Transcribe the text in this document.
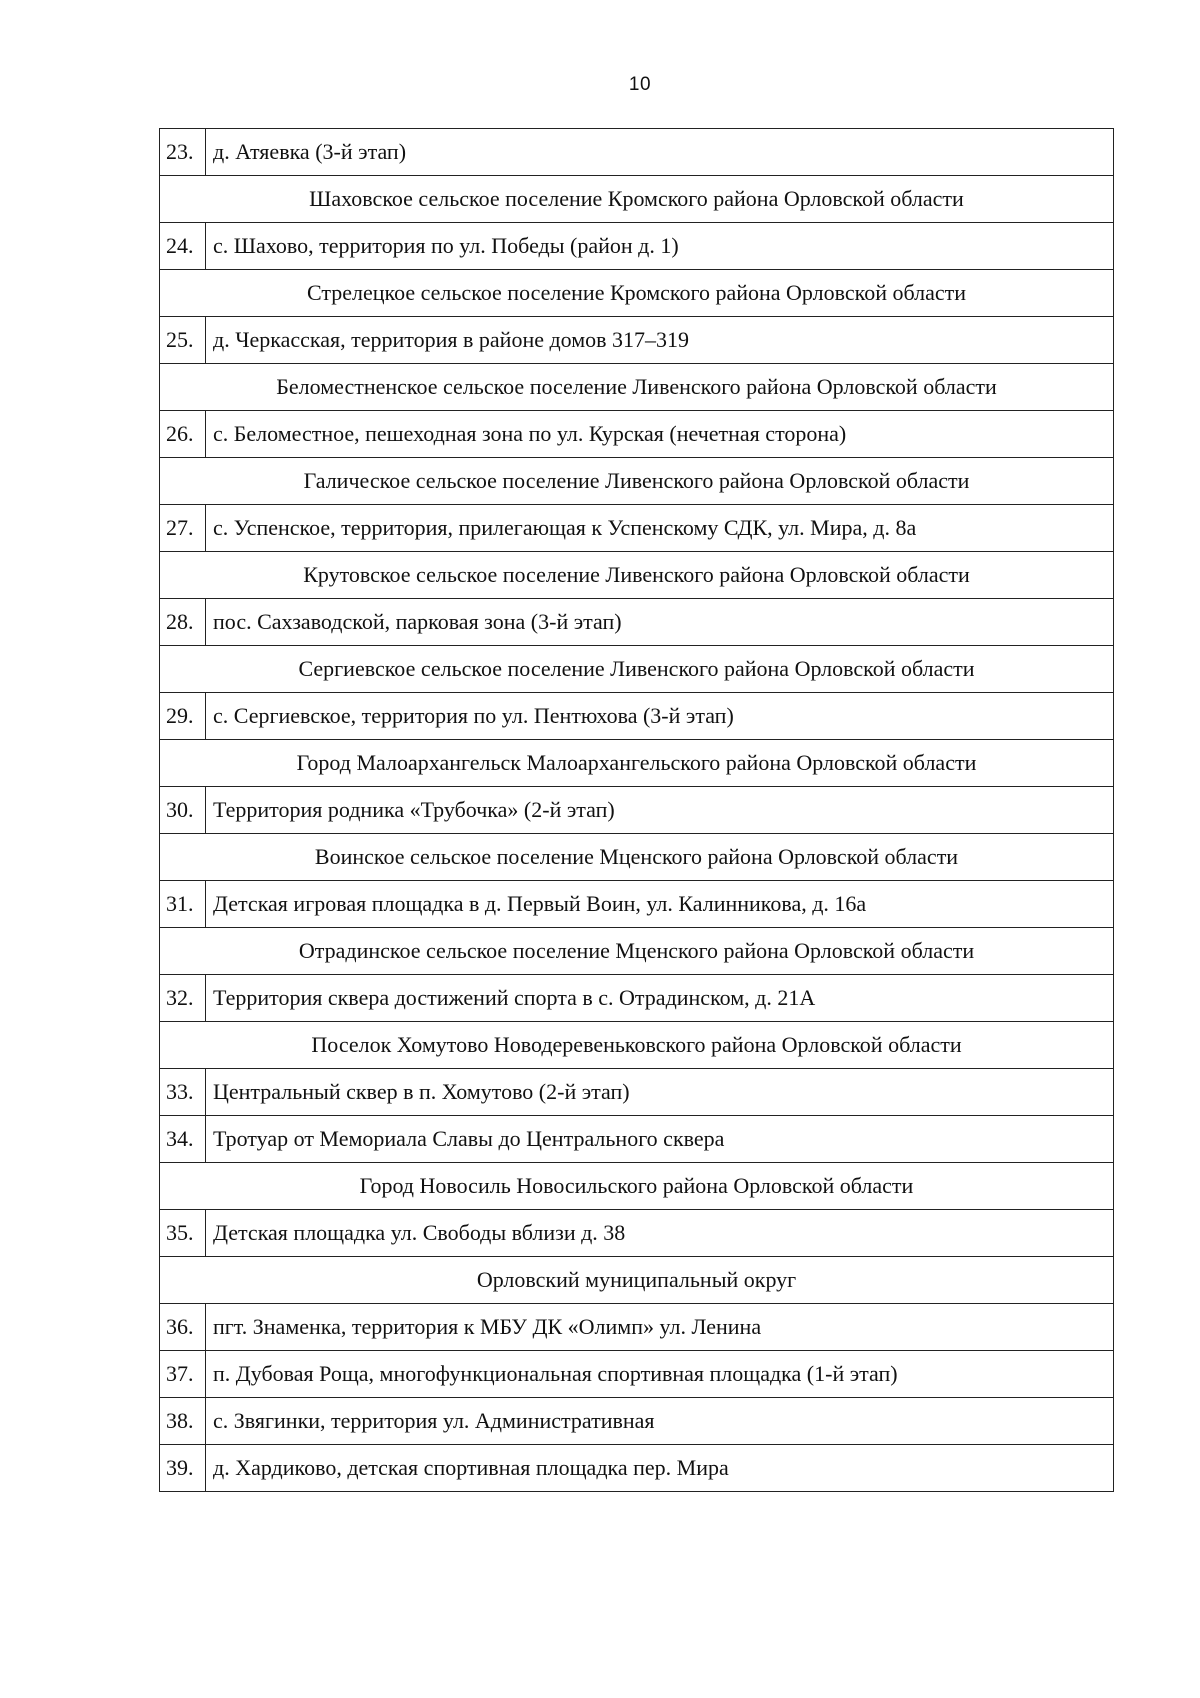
10
23.	д. Атяевка (3-й этап)
Шаховское сельское поселение Кромского района Орловской области	
24.	с. Шахово, территория по ул. Победы (район д. 1)
Стрелецкое сельское поселение Кромского района Орловской области	
25.	д. Черкасская, территория в районе домов 317–319
Беломестненское сельское поселение Ливенского района Орловской области	
26.	с. Беломестное, пешеходная зона по ул. Курская (нечетная сторона)
Галическое сельское поселение Ливенского района Орловской области	
27.	с. Успенское, территория, прилегающая к Успенскому СДК, ул. Мира, д. 8а
Крутовское сельское поселение Ливенского района Орловской области	
28.	пос. Сахзаводской, парковая зона (3-й этап)
Сергиевское сельское поселение Ливенского района Орловской области	
29.	с. Сергиевское, территория по ул. Пентюхова (3-й этап)
Город Малоархангельск Малоархангельского района Орловской области	
30.	Территория родника «Трубочка» (2-й этап)
Воинское сельское поселение Мценского района Орловской области	
31.	Детская игровая площадка в д. Первый Воин, ул. Калинникова, д. 16а
Отрадинское сельское поселение Мценского района Орловской области	
32.	Территория сквера достижений спорта в с. Отрадинском, д. 21А
Поселок Хомутово Новодеревеньковского района Орловской области	
33.	Центральный сквер в п. Хомутово (2-й этап)
34.	Тротуар от Мемориала Славы до Центрального сквера
Город Новосиль Новосильского района Орловской области	
35.	Детская площадка ул. Свободы вблизи д. 38
Орловский муниципальный округ	
36.	пгт. Знаменка, территория к МБУ ДК «Олимп» ул. Ленина
37.	п. Дубовая Роща, многофункциональная спортивная площадка (1-й этап)
38.	с. Звягинки, территория ул. Административная
39.	д. Хардиково, детская спортивная площадка пер. Мира
